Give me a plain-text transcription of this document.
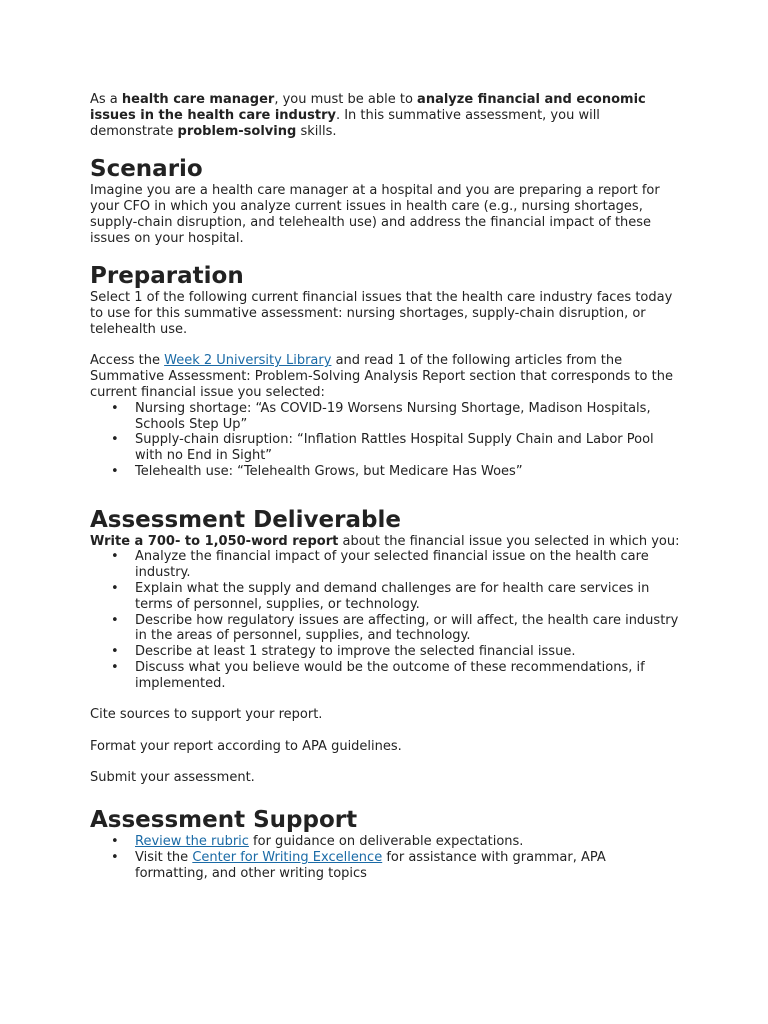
As a health care manager, you must be able to analyze financial and economic issues in the health care industry. In this summative assessment, you will demonstrate problem-solving skills.

Scenario

Imagine you are a health care manager at a hospital and you are preparing a report for your CFO in which you analyze current issues in health care (e.g., nursing shortages, supply-chain disruption, and telehealth use) and address the financial impact of these issues on your hospital.

Preparation

Select 1 of the following current financial issues that the health care industry faces today to use for this summative assessment: nursing shortages, supply-chain disruption, or telehealth use.

Access the Week 2 University Library and read 1 of the following articles from the Summative Assessment: Problem-Solving Analysis Report section that corresponds to the current financial issue you selected:

• Nursing shortage: “As COVID-19 Worsens Nursing Shortage, Madison Hospitals, Schools Step Up”
• Supply-chain disruption: “Inflation Rattles Hospital Supply Chain and Labor Pool with no End in Sight”
• Telehealth use: “Telehealth Grows, but Medicare Has Woes”
Assessment Deliverable

Write a 700- to 1,050-word report about the financial issue you selected in which you:

• Analyze the financial impact of your selected financial issue on the health care industry.
• Explain what the supply and demand challenges are for health care services in terms of personnel, supplies, or technology.
• Describe how regulatory issues are affecting, or will affect, the health care industry in the areas of personnel, supplies, and technology.
• Describe at least 1 strategy to improve the selected financial issue.
• Discuss what you believe would be the outcome of these recommendations, if implemented.

Cite sources to support your report.

Format your report according to APA guidelines.

Submit your assessment.

Assessment Support
• Review the rubric for guidance on deliverable expectations.
• Visit the Center for Writing Excellence for assistance with grammar, APA formatting, and other writing topics
